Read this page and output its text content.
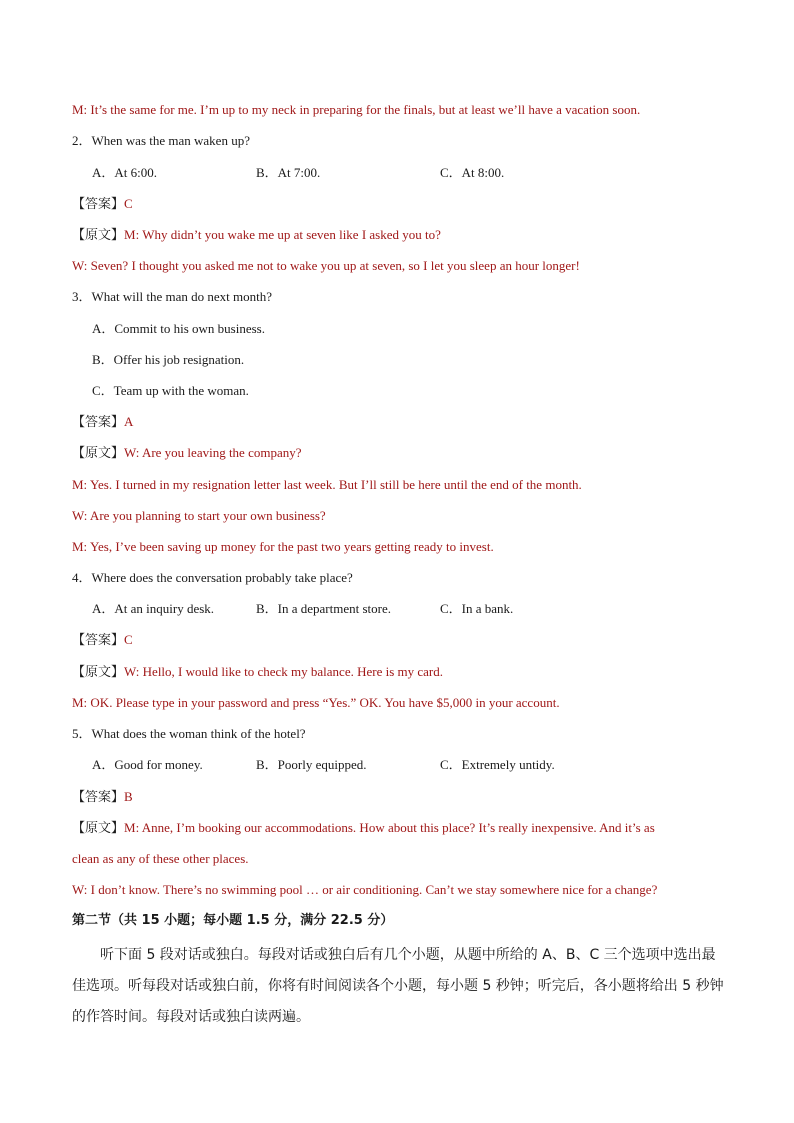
M: It’s the same for me. I’m up to my neck in preparing for the finals, but at least we’ll have a vacation soon.
2．When was the man waken up?
A．At 6:00.	B．At 7:00.	C．At 8:00.
【答案】C
【原文】M: Why didn’t you wake me up at seven like I asked you to?
W: Seven? I thought you asked me not to wake you up at seven, so I let you sleep an hour longer!
3．What will the man do next month?
A．Commit to his own business.
B．Offer his job resignation.
C．Team up with the woman.
【答案】A
【原文】W: Are you leaving the company?
M: Yes. I turned in my resignation letter last week. But I’ll still be here until the end of the month.
W: Are you planning to start your own business?
M: Yes, I’ve been saving up money for the past two years getting ready to invest.
4．Where does the conversation probably take place?
A．At an inquiry desk.	B．In a department store.	C．In a bank.
【答案】C
【原文】W: Hello, I would like to check my balance. Here is my card.
M: OK. Please type in your password and press “Yes.” OK. You have $5,000 in your account.
5．What does the woman think of the hotel?
A．Good for money.	B．Poorly equipped.	C．Extremely untidy.
【答案】B
【原文】M: Anne, I’m booking our accommodations. How about this place? It’s really inexpensive. And it’s as
clean as any of these other places.
W: I don’t know. There’s no swimming pool … or air conditioning. Can’t we stay somewhere nice for a change?
第二节（共 15 小题；每小题 1.5 分，满分 22.5 分）
听下面 5 段对话或独白。每段对话或独白后有几个小题，从题中所给的 A、B、C 三个选项中选出最佳选项。听每段对话或独白前，你将有时间阅读各个小题，每小题 5 秒钟；听完后，各小题将给出 5 秒钟的作答时间。每段对话或独白读两遍。
